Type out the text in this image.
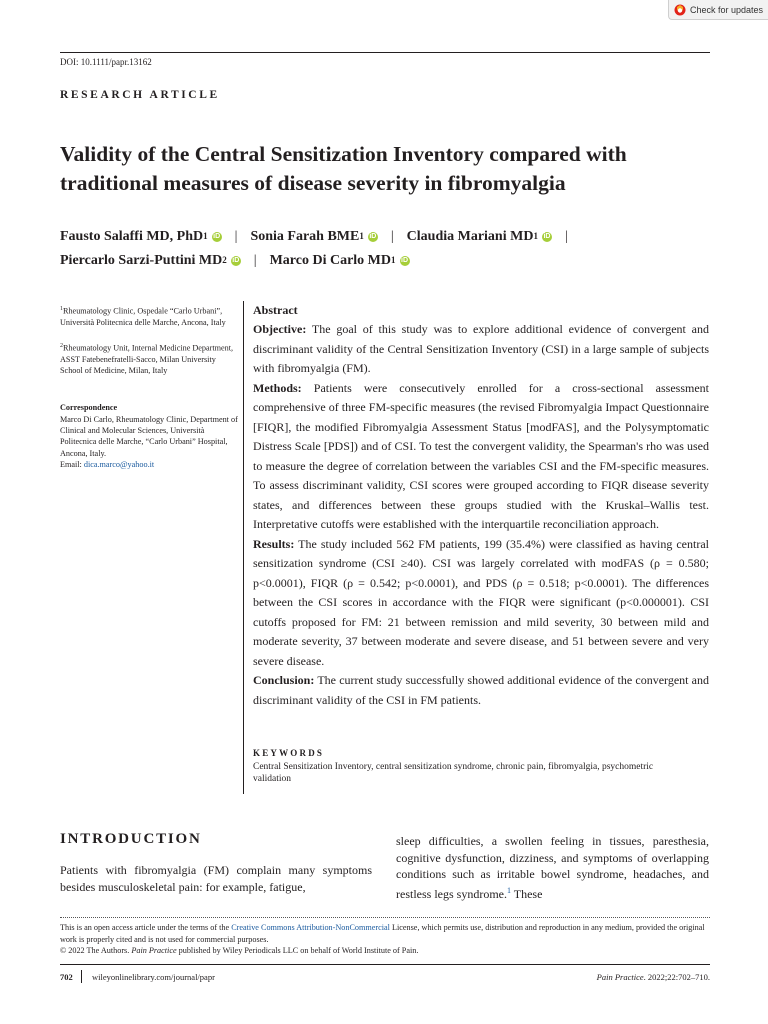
Check for updates
DOI: 10.1111/papr.13162
RESEARCH ARTICLE
Validity of the Central Sensitization Inventory compared with
traditional measures of disease severity in fibromyalgia
Fausto Salaffi MD, PhD$^1$ iD | Sonia Farah BME$^1$ iD | Claudia Mariani $MD^1$ iD |
Piercarlo Sarzi-Puttini $MD^2$ iD | Marco Di Carlo $MD^1$ iD
$^1$Rheumatology Clinic, Ospedale “Carlo Urbani”, Università Politecnica delle Marche, Ancona, Italy
$^2$Rheumatology Unit, Internal Medicine Department, ASST Fatebenefratelli-Sacco, Milan University School of Medicine, Milan, Italy
Correspondence
Marco Di Carlo, Rheumatology Clinic, Department of Clinical and Molecular Sciences, Università Politecnica delle Marche, “Carlo Urbani” Hospital, Ancona, Italy.
Email: dica.marco@yahoo.it
Abstract

Objective: The goal of this study was to explore additional evidence of convergent and discriminant validity of the Central Sensitization Inventory (CSI) in a large sample of subjects with fibromyalgia (FM).

Methods: Patients were consecutively enrolled for a cross-sectional assessment comprehensive of three FM-specific measures (the revised Fibromyalgia Impact Questionnaire [FIQR], the modified Fibromyalgia Assessment Status [modFAS], and the Polysymptomatic Distress Scale [PDS]) and of CSI. To test the convergent validity, the Spearman's rho was used to measure the degree of correlation between the variables CSI and the FM-specific measures. To assess discriminant validity, CSI scores were grouped according to FIQR disease severity states, and differences between these groups studied with the Kruskal–Wallis test. Interpretative cutoffs were established with the interquartile reconciliation approach.

Results: The study included 562 FM patients, 199 (35.4%) were classified as having central sensitization syndrome (CSI ≥40). CSI was largely correlated with modFAS (ρ = 0.580; p<0.0001), FIQR (ρ = 0.542; p<0.0001), and PDS (ρ = 0.518; p<0.0001). The differences between the CSI scores in accordance with the FIQR were significant (p<0.000001). CSI cutoffs proposed for FM: 21 between remission and mild severity, 30 between mild and moderate severity, 37 between moderate and severe disease, and 51 between severe and very severe disease.

Conclusion: The current study successfully showed additional evidence of the convergent and discriminant validity of the CSI in FM patients.

KEYWORDS
Central Sensitization Inventory, central sensitization syndrome, chronic pain, fibromyalgia, psychometric validation
INTRODUCTION

Patients with fibromyalgia (FM) complain many symptoms besides musculoskeletal pain: for example, fatigue,

sleep difficulties, a swollen feeling in tissues, paresthesia, cognitive dysfunction, dizziness, and symptoms of overlapping conditions such as irritable bowel syndrome, headaches, and restless legs syndrome.$^1$ These

This is an open access article under the terms of the Creative Commons Attribution-NonCommercial License, which permits use, distribution and reproduction in any medium, provided the original work is properly cited and is not used for commercial purposes.
© 2022 The Authors. Pain Practice published by Wiley Periodicals LLC on behalf of World Institute of Pain.

702 wileyonlinelibrary.com/journal/papr	Pain Practice. 2022;22:702–710.
